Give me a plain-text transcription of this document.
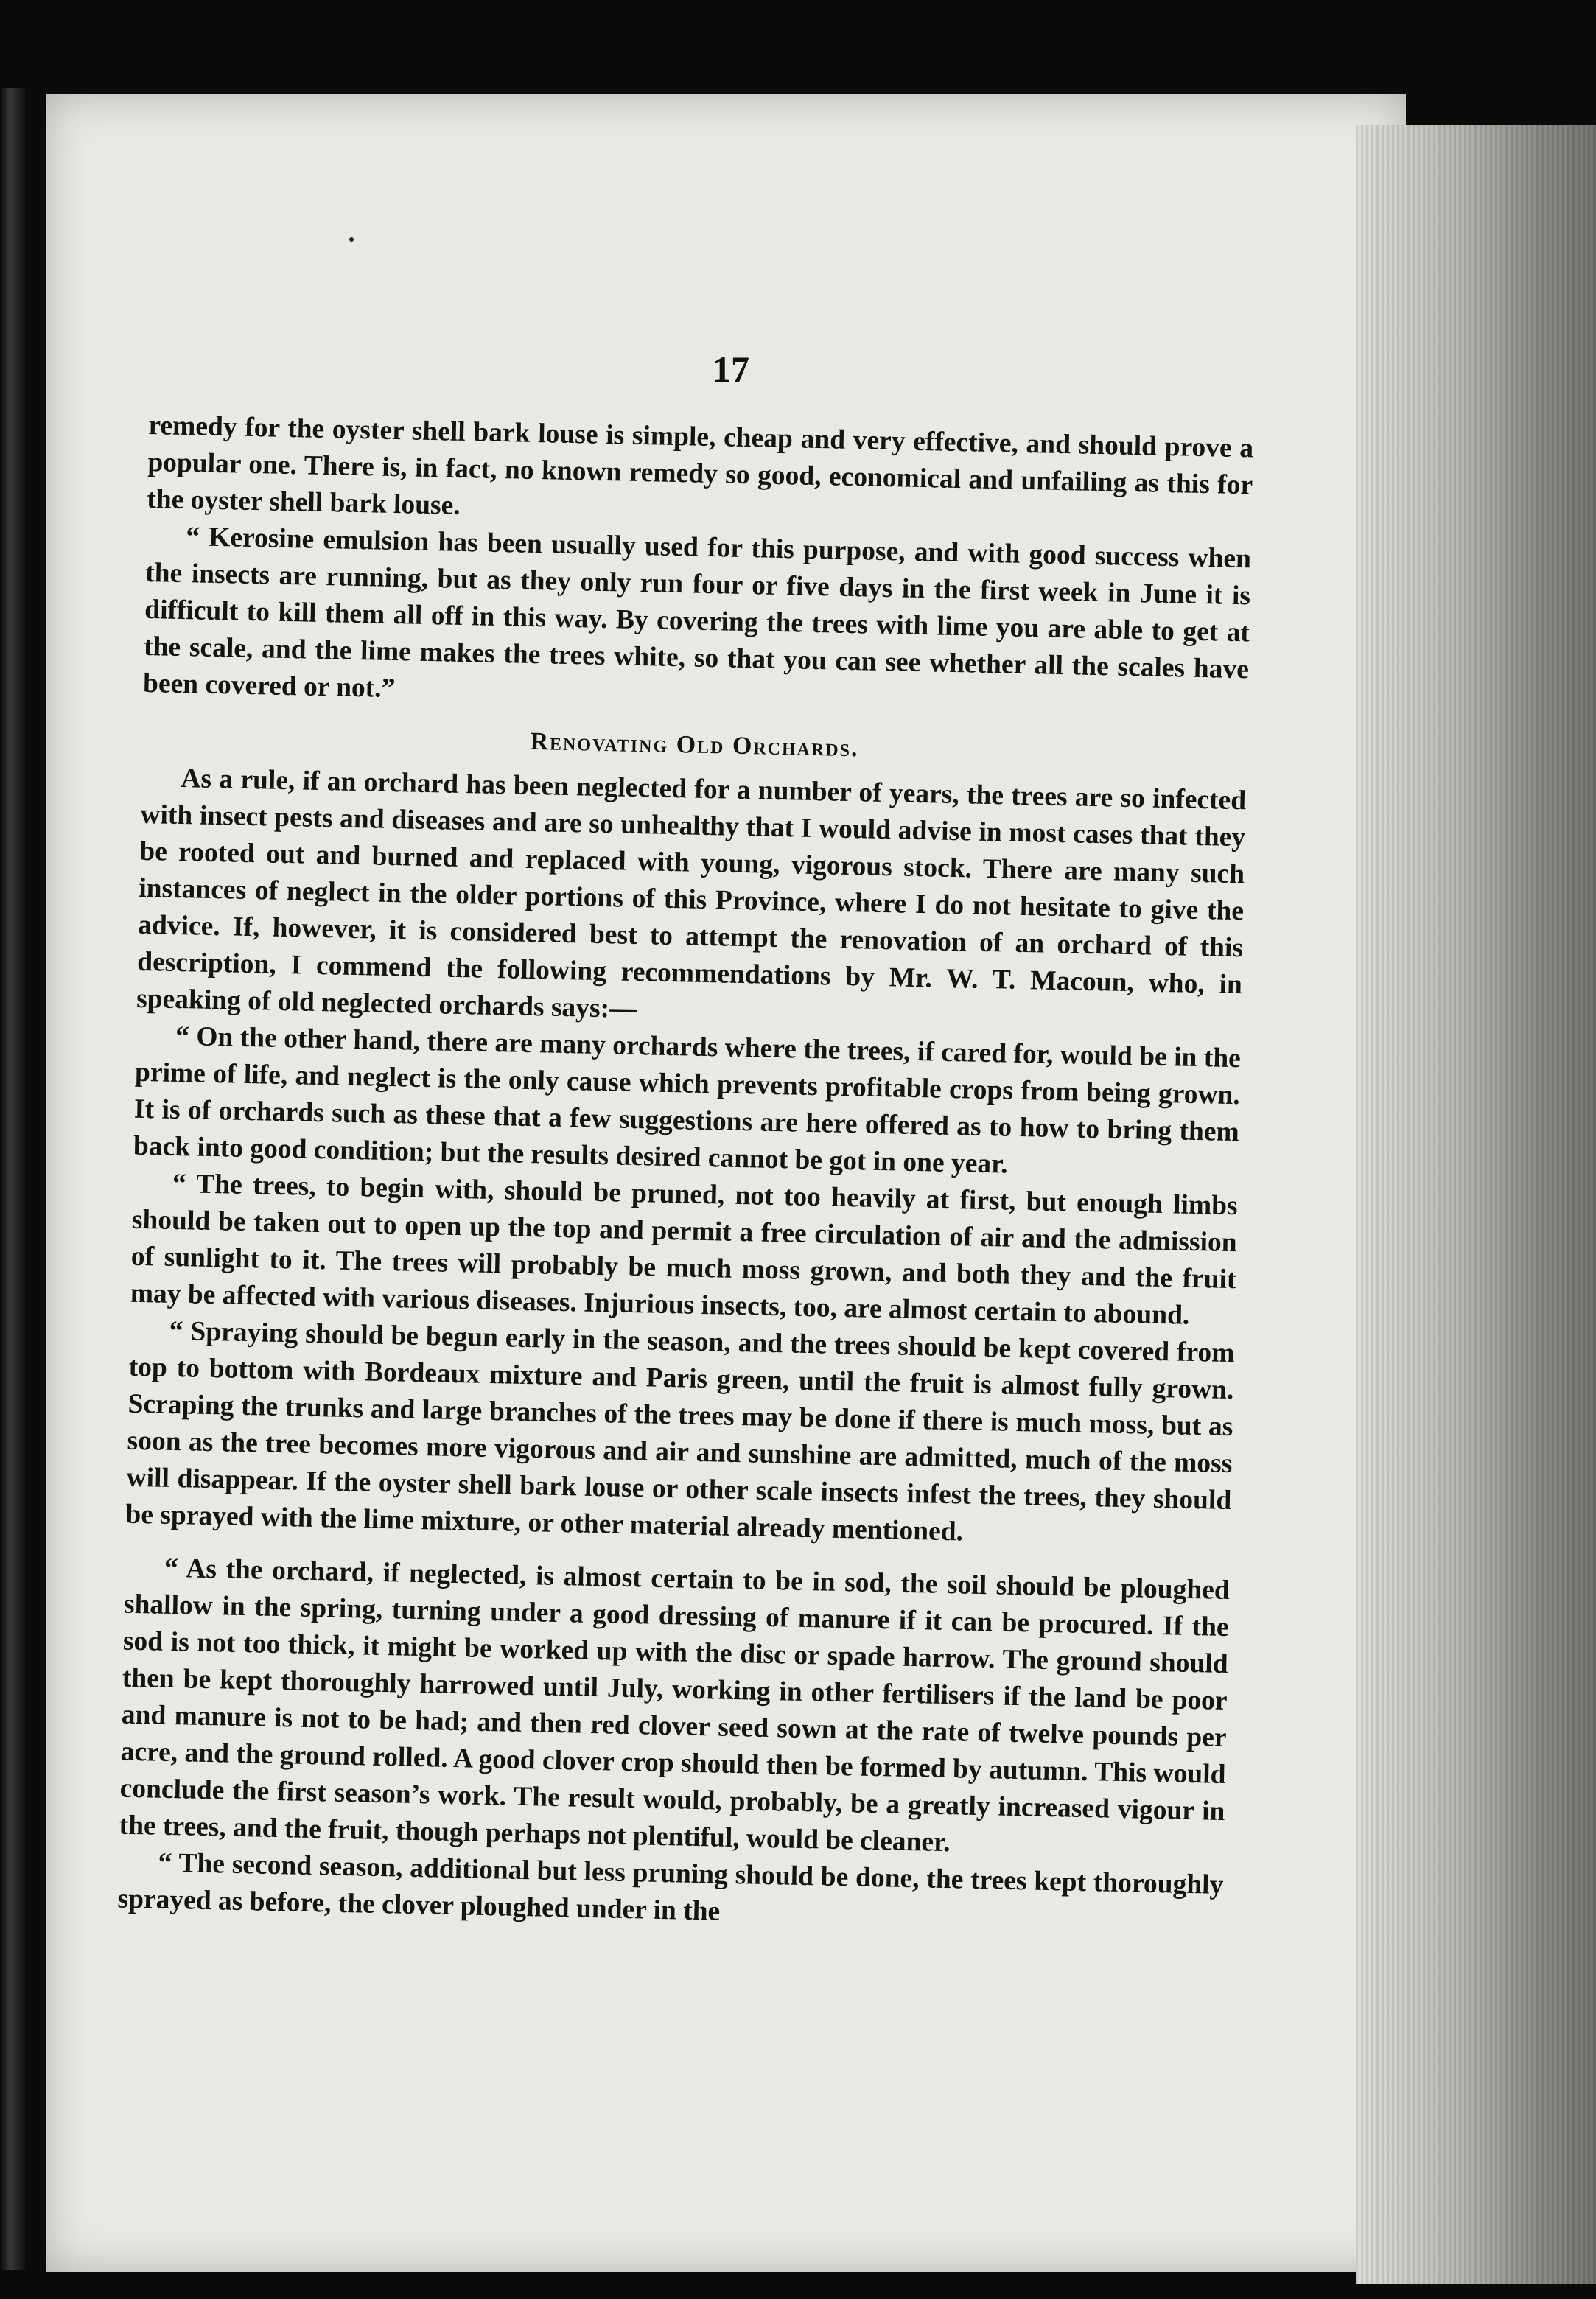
17

remedy for the oyster shell bark louse is simple, cheap and very effective, and should prove a popular one. There is, in fact, no known remedy so good, economical and unfailing as this for the oyster shell bark louse.

“ Kerosine emulsion has been usually used for this purpose, and with good success when the insects are running, but as they only run four or five days in the first week in June it is difficult to kill them all off in this way. By covering the trees with lime you are able to get at the scale, and the lime makes the trees white, so that you can see whether all the scales have been covered or not.”

Renovating Old Orchards.

As a rule, if an orchard has been neglected for a number of years, the trees are so infected with insect pests and diseases and are so unhealthy that I would advise in most cases that they be rooted out and burned and replaced with young, vigorous stock. There are many such instances of neglect in the older portions of this Province, where I do not hesitate to give the advice. If, however, it is considered best to attempt the renovation of an orchard of this description, I commend the following recommendations by Mr. W. T. Macoun, who, in speaking of old neglected orchards says:—

“ On the other hand, there are many orchards where the trees, if cared for, would be in the prime of life, and neglect is the only cause which prevents profitable crops from being grown. It is of orchards such as these that a few suggestions are here offered as to how to bring them back into good condition; but the results desired cannot be got in one year.

“ The trees, to begin with, should be pruned, not too heavily at first, but enough limbs should be taken out to open up the top and permit a free circulation of air and the admission of sunlight to it. The trees will probably be much moss grown, and both they and the fruit may be affected with various diseases. Injurious insects, too, are almost certain to abound.

“ Spraying should be begun early in the season, and the trees should be kept covered from top to bottom with Bordeaux mixture and Paris green, until the fruit is almost fully grown. Scraping the trunks and large branches of the trees may be done if there is much moss, but as soon as the tree becomes more vigorous and air and sunshine are admitted, much of the moss will disappear. If the oyster shell bark louse or other scale insects infest the trees, they should be sprayed with the lime mixture, or other material already mentioned.

“ As the orchard, if neglected, is almost certain to be in sod, the soil should be ploughed shallow in the spring, turning under a good dressing of manure if it can be procured. If the sod is not too thick, it might be worked up with the disc or spade harrow. The ground should then be kept thoroughly harrowed until July, working in other fertilisers if the land be poor and manure is not to be had; and then red clover seed sown at the rate of twelve pounds per acre, and the ground rolled. A good clover crop should then be formed by autumn. This would conclude the first season’s work. The result would, probably, be a greatly increased vigour in the trees, and the fruit, though perhaps not plentiful, would be cleaner.

“ The second season, additional but less pruning should be done, the trees kept thoroughly sprayed as before, the clover ploughed under in the
